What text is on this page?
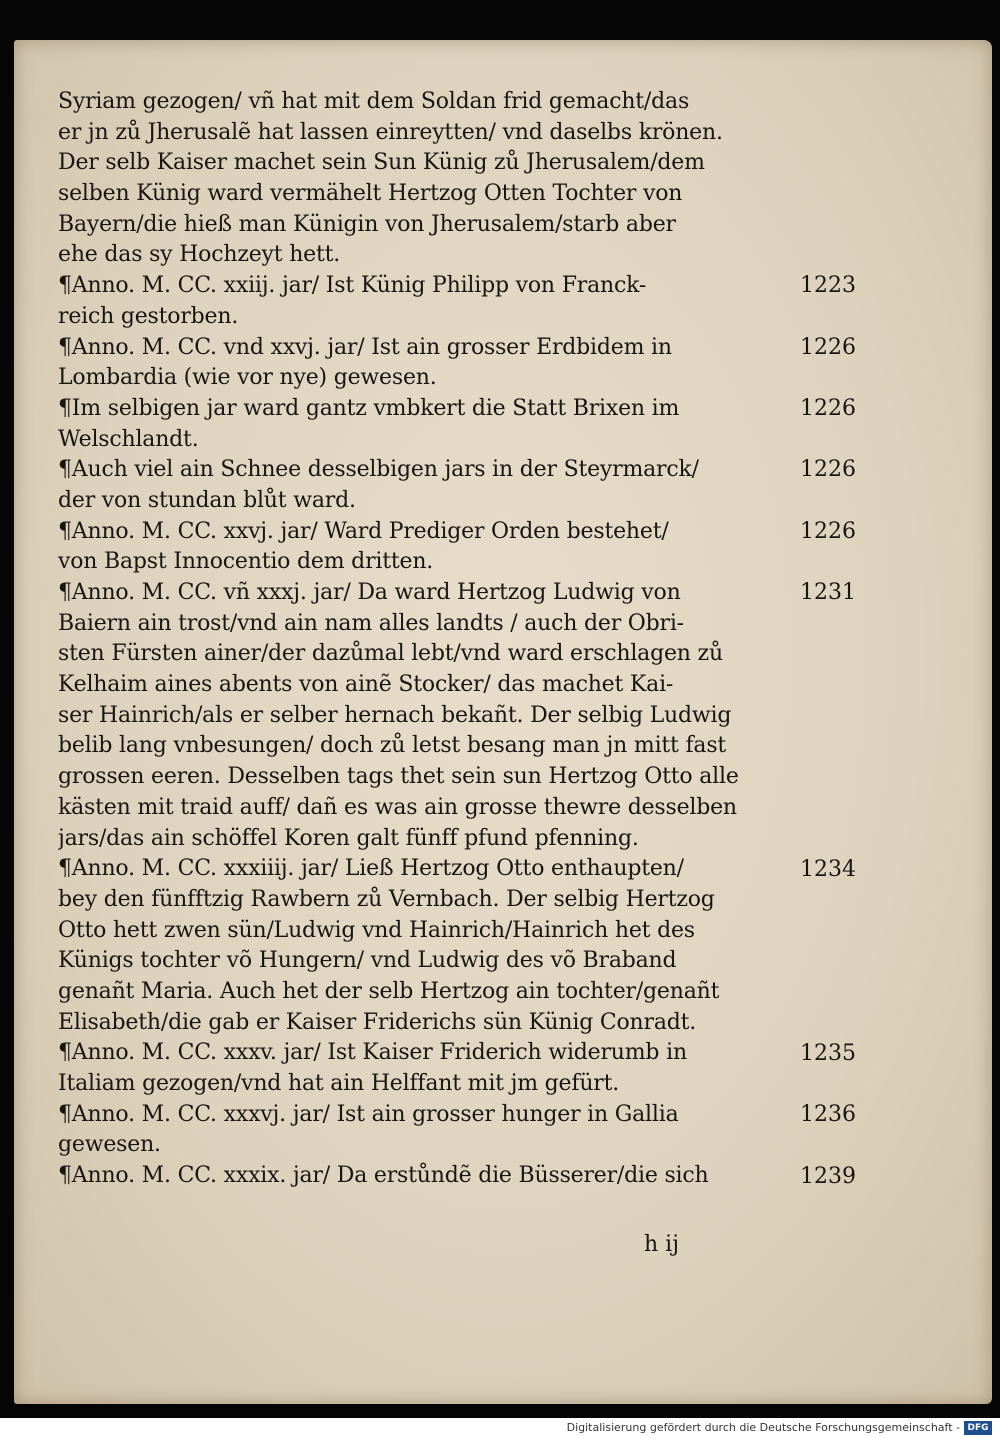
Syriam gezogen/ vñ hat mit dem Soldan frid gemacht/das
er jn zů Jherusalẽ hat lassen einreytten/ vnd daselbs krönen.
Der selb Kaiser machet sein Sun Künig zů Jherusalem/dem
selben Künig ward vermähelt Hertzog Otten Tochter von
Bayern/die hieß man Künigin von Jherusalem/starb aber
ehe das sy Hochzeyt hett.
¶Anno. M. CC. xxiij. jar/ Ist Künig Philipp von Franck-
reich gestorben.
¶Anno. M. CC. vnd xxvj. jar/ Ist ain grosser Erdbidem in
Lombardia (wie vor nye) gewesen.
¶Im selbigen jar ward gantz vmbkert die Statt Brixen im
Welschlandt.
¶Auch viel ain Schnee desselbigen jars in der Steyrmarck/
der von stundan blůt ward.
¶Anno. M. CC. xxvj. jar/ Ward Prediger Orden bestehet/
von Bapst Innocentio dem dritten.
¶Anno. M. CC. vñ xxxj. jar/ Da ward Hertzog Ludwig von
Baiern ain trost/vnd ain nam alles landts / auch der Obri-
sten Fürsten ainer/der dazůmal lebt/vnd ward erschlagen zů
Kelhaim aines abents von ainẽ Stocker/ das machet Kai-
ser Hainrich/als er selber hernach bekañt. Der selbig Ludwig
belib lang vnbesungen/ doch zů letst besang man jn mitt fast
grossen eeren. Desselben tags thet sein sun Hertzog Otto alle
kästen mit traid auff/ dañ es was ain grosse thewre desselben
jars/das ain schöffel Koren galt fünff pfund pfenning.
¶Anno. M. CC. xxxiiij. jar/ Ließ Hertzog Otto enthaupten/
bey den fünfftzig Rawbern zů Vernbach. Der selbig Hertzog
Otto hett zwen sün/Ludwig vnd Hainrich/Hainrich het des
Künigs tochter võ Hungern/ vnd Ludwig des võ Braband
genañt Maria. Auch het der selb Hertzog ain tochter/genañt
Elisabeth/die gab er Kaiser Friderichs sün Künig Conradt.
¶Anno. M. CC. xxxv. jar/ Ist Kaiser Friderich widerumb in
Italiam gezogen/vnd hat ain Helffant mit jm gefürt.
¶Anno. M. CC. xxxvj. jar/ Ist ain grosser hunger in Gallia
gewesen.
¶Anno. M. CC. xxxix. jar/ Da erstůndẽ die Büsserer/die sich
1223
1226
1226
1226
1226
1231
1234
1235
1236
1239
h ij
Digitalisierung gefördert durch die Deutsche Forschungsgemeinschaft - DFG
